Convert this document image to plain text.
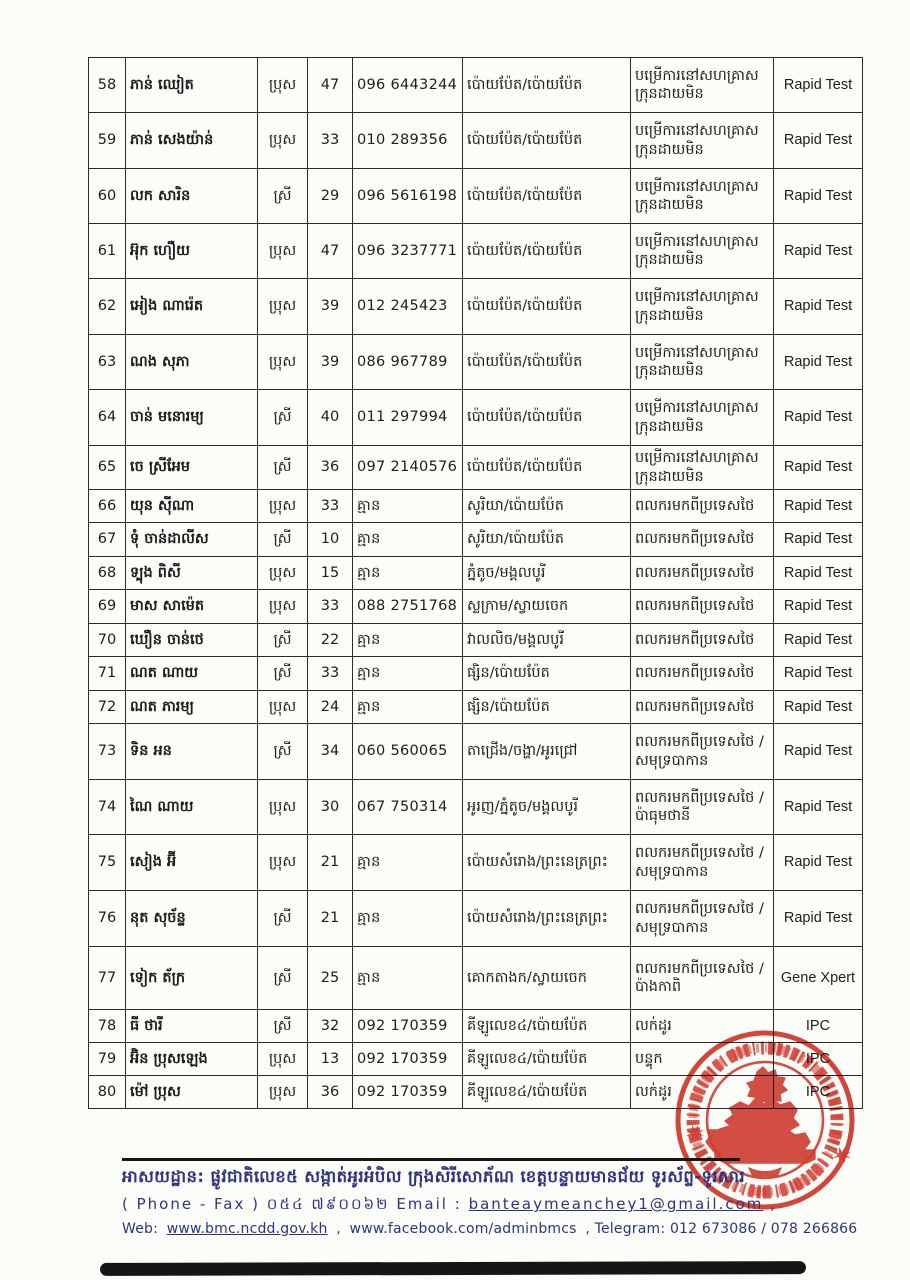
58	ភាន់ ឈៀត	ប្រុស	47	096 6443244	ប៉ោយប៉ែត/ប៉ោយប៉ែត	បម្រើការនៅសហគ្រាស ក្រុនដាយមិន	Rapid Test
59	ភាន់ សេងយ៉ាន់	ប្រុស	33	010 289356	ប៉ោយប៉ែត/ប៉ោយប៉ែត	បម្រើការនៅសហគ្រាស ក្រុនដាយមិន	Rapid Test
60	លក សារិន	ស្រី	29	096 5616198	ប៉ោយប៉ែត/ប៉ោយប៉ែត	បម្រើការនៅសហគ្រាស ក្រុនដាយមិន	Rapid Test
61	អ៊ុក ហឿយ	ប្រុស	47	096 3237771	ប៉ោយប៉ែត/ប៉ោយប៉ែត	បម្រើការនៅសហគ្រាស ក្រុនដាយមិន	Rapid Test
62	អៀង ណារ៉េត	ប្រុស	39	012 245423	ប៉ោយប៉ែត/ប៉ោយប៉ែត	បម្រើការនៅសហគ្រាស ក្រុនដាយមិន	Rapid Test
63	ណង សុភា	ប្រុស	39	086 967789	ប៉ោយប៉ែត/ប៉ោយប៉ែត	បម្រើការនៅសហគ្រាស ក្រុនដាយមិន	Rapid Test
64	ចាន់ មនោរម្យ	ស្រី	40	011 297994	ប៉ោយប៉ែត/ប៉ោយប៉ែត	បម្រើការនៅសហគ្រាស ក្រុនដាយមិន	Rapid Test
65	ចេ ស្រីអែម	ស្រី	36	097 2140576	ប៉ោយប៉ែត/ប៉ោយប៉ែត	បម្រើការនៅសហគ្រាស ក្រុនដាយមិន	Rapid Test
66	យុន ស៊ីណា	ប្រុស	33	គ្មាន	សូរិយា/ប៉ោយប៉ែត	ពលករមកពីប្រទេសថៃ	Rapid Test
67	ទុំ ចាន់ដាលីស	ស្រី	10	គ្មាន	សូរិយា/ប៉ោយប៉ែត	ពលករមកពីប្រទេសថៃ	Rapid Test
68	ទ្បុង ពិសី	ប្រុស	15	គ្មាន	ភ្នំតូច/មង្គលបូរី	ពលករមកពីប្រទេសថៃ	Rapid Test
69	មាស សាម៉េត	ប្រុស	33	088 2751768	ស្លក្រាម/ស្វាយចេក	ពលករមកពីប្រទេសថៃ	Rapid Test
70	ឃឿន ចាន់ថេ	ស្រី	22	គ្មាន	វាលលិច/មង្គលបូរី	ពលករមកពីប្រទេសថៃ	Rapid Test
71	ណត ណាយ	ស្រី	33	គ្មាន	ផ្សិន/ប៉ោយប៉ែត	ពលករមកពីប្រទេសថៃ	Rapid Test
72	ណត ភារម្យ	ប្រុស	24	គ្មាន	ផ្សិន/ប៉ោយប៉ែត	ពលករមកពីប្រទេសថៃ	Rapid Test
73	ទិន អន	ស្រី	34	060 560065	តាជ្រើង/ចង្ហា/អូរជ្រៅ	ពលករមកពីប្រទេសថៃ /សមុទ្របាកាន	Rapid Test
74	ណៃ ណាយ	ប្រុស	30	067 750314	អូរញ/ភ្នំតូច/មង្គលបូរី	ពលករមកពីប្រទេសថៃ /ប៉ាធុមថានី	Rapid Test
75	សៀង អ៊ី	ប្រុស	21	គ្មាន	ប៉ោយសំរោង/ព្រះនេត្រព្រះ	ពលករមកពីប្រទេសថៃ /សមុទ្របាកាន	Rapid Test
76	នុត សុច័ន្ទ	ស្រី	21	គ្មាន	ប៉ោយសំរោង/ព្រះនេត្រព្រះ	ពលករមកពីប្រទេសថៃ /សមុទ្របាកាន	Rapid Test
77	ទៀក ត័ក្រ	ស្រី	25	គ្មាន	គោកតាងក/ស្វាយចេក	ពលករមកពីប្រទេសថៃ /ប៉ាងកាពិ	Gene Xpert
78	ធី ថារី	ស្រី	32	092 170359	គីឡូលេខ៤/ប៉ោយប៉ែត	លក់ដូរ	IPC
79	អ៊ិន ប្រុសឡេង	ប្រុស	13	092 170359	គីឡូលេខ៤/ប៉ោយប៉ែត	បន្ទុក	IPC
80	ម៉ៅ ប្រុស	ប្រុស	36	092 170359	គីឡូលេខ៤/ប៉ោយប៉ែត	លក់ដូរ	IPC
អាសយដ្ឋាន: ផ្លូវជាតិលេខ៥ សង្កាត់អូរអំបិល ក្រុងសិរីសោភ័ណ ខេត្តបន្ទាយមានជ័យ ទូរស័ព្ទ-ទូរសារ
( Phone - Fax ) ០៥៤ ៧៩០០៦២ Email : banteaymeanchey1@gmail.com ,
Web: www.bmc.ncdd.gov.kh , www.facebook.com/adminbmcs , Telegram: 012 673086 / 078 266866
